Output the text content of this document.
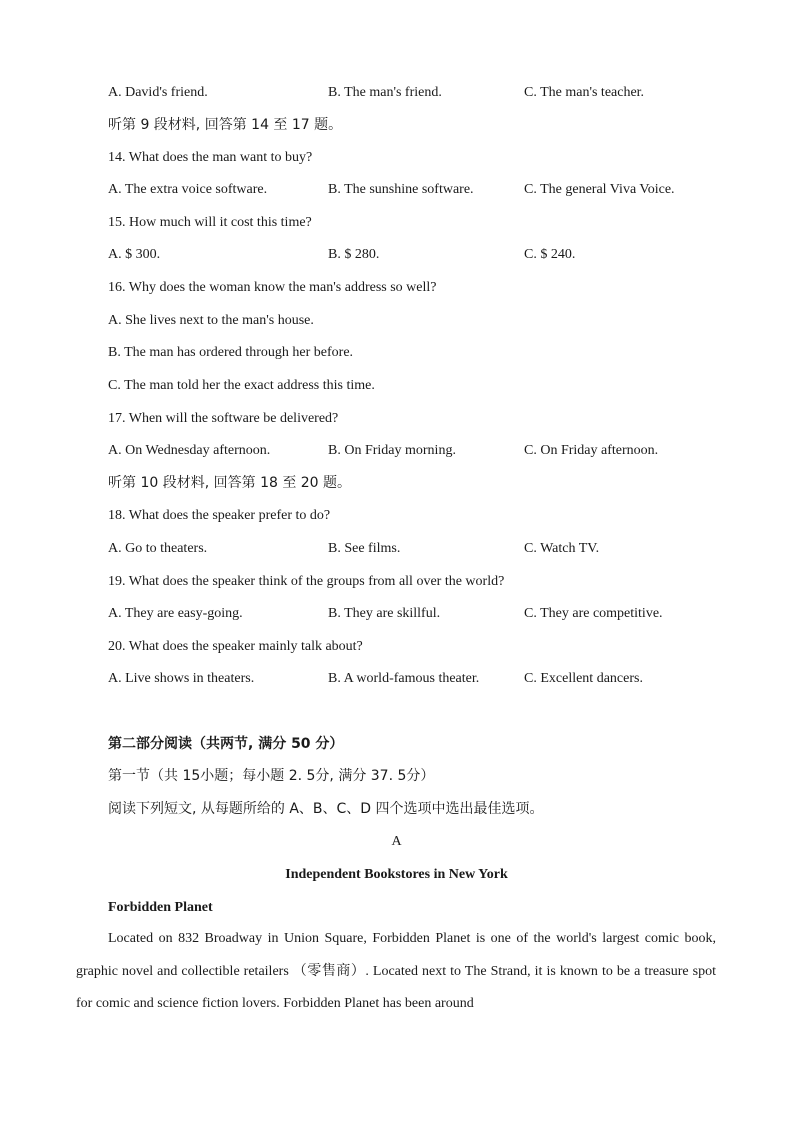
A. David's friend.	B. The man's friend.	C. The man's teacher.
听第 9 段材料, 回答第 14 至 17 题。
14. What does the man want to buy?
A. The extra voice software.	B. The sunshine software.	C. The general Viva Voice.
15. How much will it cost this time?
A. $ 300.	B. $ 280.	C. $ 240.
16. Why does the woman know the man's address so well?
A. She lives next to the man's house.
B. The man has ordered through her before.
C. The man told her the exact address this time.
17. When will the software be delivered?
A. On Wednesday afternoon.	B. On Friday morning.	C. On Friday afternoon.
听第 10 段材料, 回答第 18 至 20 题。
18. What does the speaker prefer to do?
A. Go to theaters.	B. See films.	C. Watch TV.
19. What does the speaker think of the groups from all over the world?
A. They are easy-going.	B. They are skillful.	C. They are competitive.
20. What does the speaker mainly talk about?
A. Live shows in theaters.	B. A world-famous theater.	C. Excellent dancers.
第二部分阅读（共两节, 满分 50 分）
第一节（共 15小题；每小题 2. 5分, 满分 37. 5分）
阅读下列短文, 从每题所给的 A、B、C、D 四个选项中选出最佳选项。
A
Independent Bookstores in New York
Forbidden Planet
Located on 832 Broadway in Union Square, Forbidden Planet is one of the world's largest comic book, graphic novel and collectible retailers （零售商）. Located next to The Strand, it is known to be a treasure spot for comic and science fiction lovers. Forbidden Planet has been around
